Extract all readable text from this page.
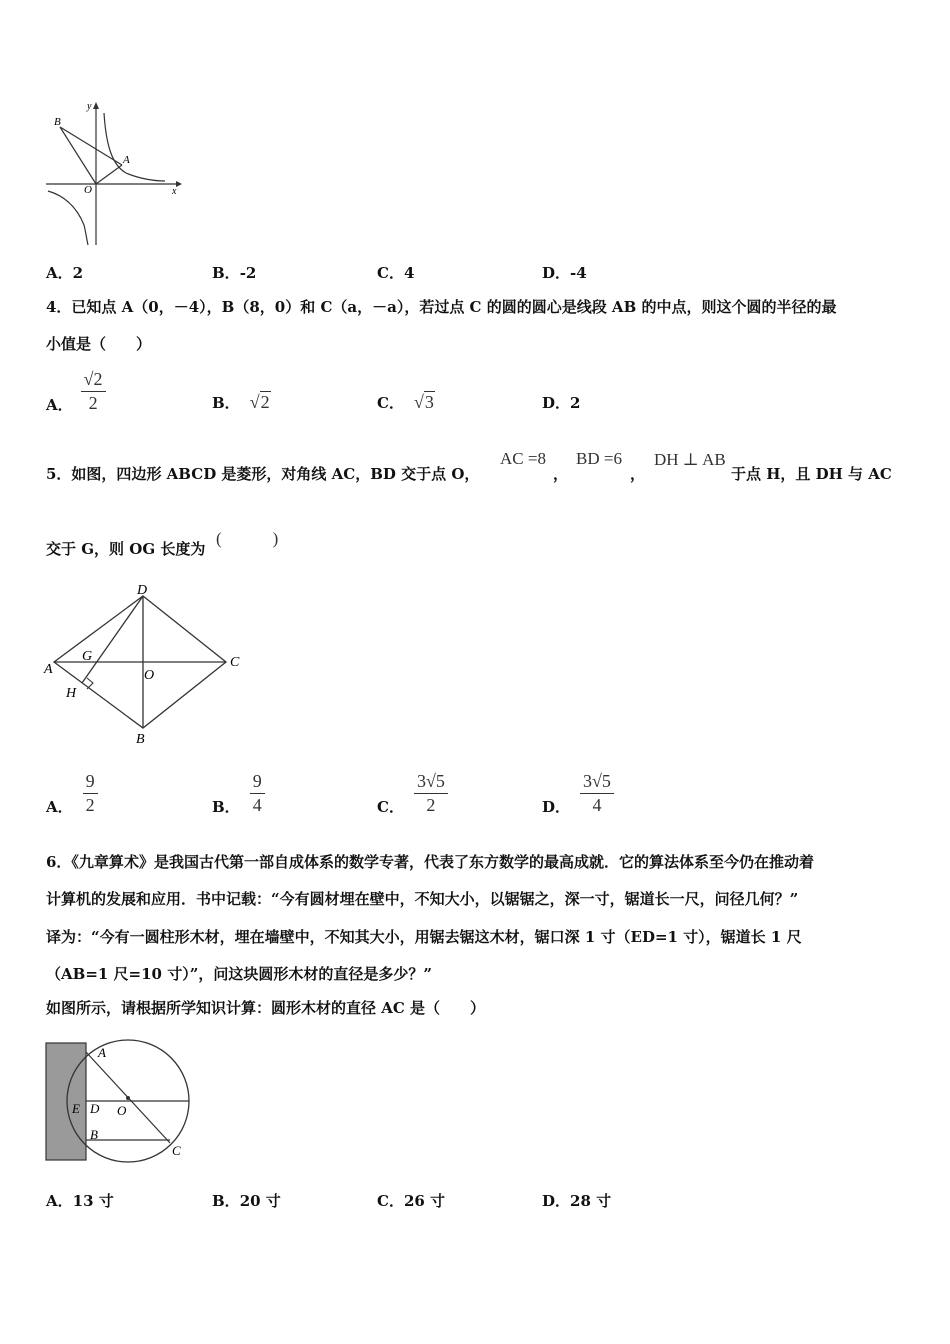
B
A
O	x
y
A．2	B．-2	C．4	D．-4
4．已知点 A（0，－4），B（8，0）和 C（a，－a），若过点 C 的圆的圆心是线段 AB 的中点，则这个圆的半径的最
小值是（　　）
A． $\frac{√2}{2}$	B． √2	C． √3	D．2
5．如图，四边形 ABCD 是菱形，对角线 AC，BD 交于点 O，
AC =8
，
BD =6
，
DH ⊥ AB
于点 H，且 DH 与 AC
交于 G，则 OG 长度为
(　　　)
D
A
G
O
C
H
B
A． $\frac{9}{2}$	B． $\frac{9}{4}$	C． $\frac{3√5}{2}$	D． $\frac{3√5}{4}$
6．《九章算术》是我国古代第一部自成体系的数学专著，代表了东方数学的最高成就．它的算法体系至今仍在推动着
计算机的发展和应用．书中记载：“今有圆材埋在壁中，不知大小，以锯锯之，深一寸，锯道长一尺，问径几何？”
译为：“今有一圆柱形木材，埋在墙壁中，不知其大小，用锯去锯这木材，锯口深 1 寸（ED=1 寸），锯道长 1 尺
（AB=1 尺=10 寸）”，问这块圆形木材的直径是多少？”
如图所示，请根据所学知识计算：圆形木材的直径 AC 是（　　）
A
E D O
B
C
A．13 寸	B．20 寸	C．26 寸	D．28 寸
